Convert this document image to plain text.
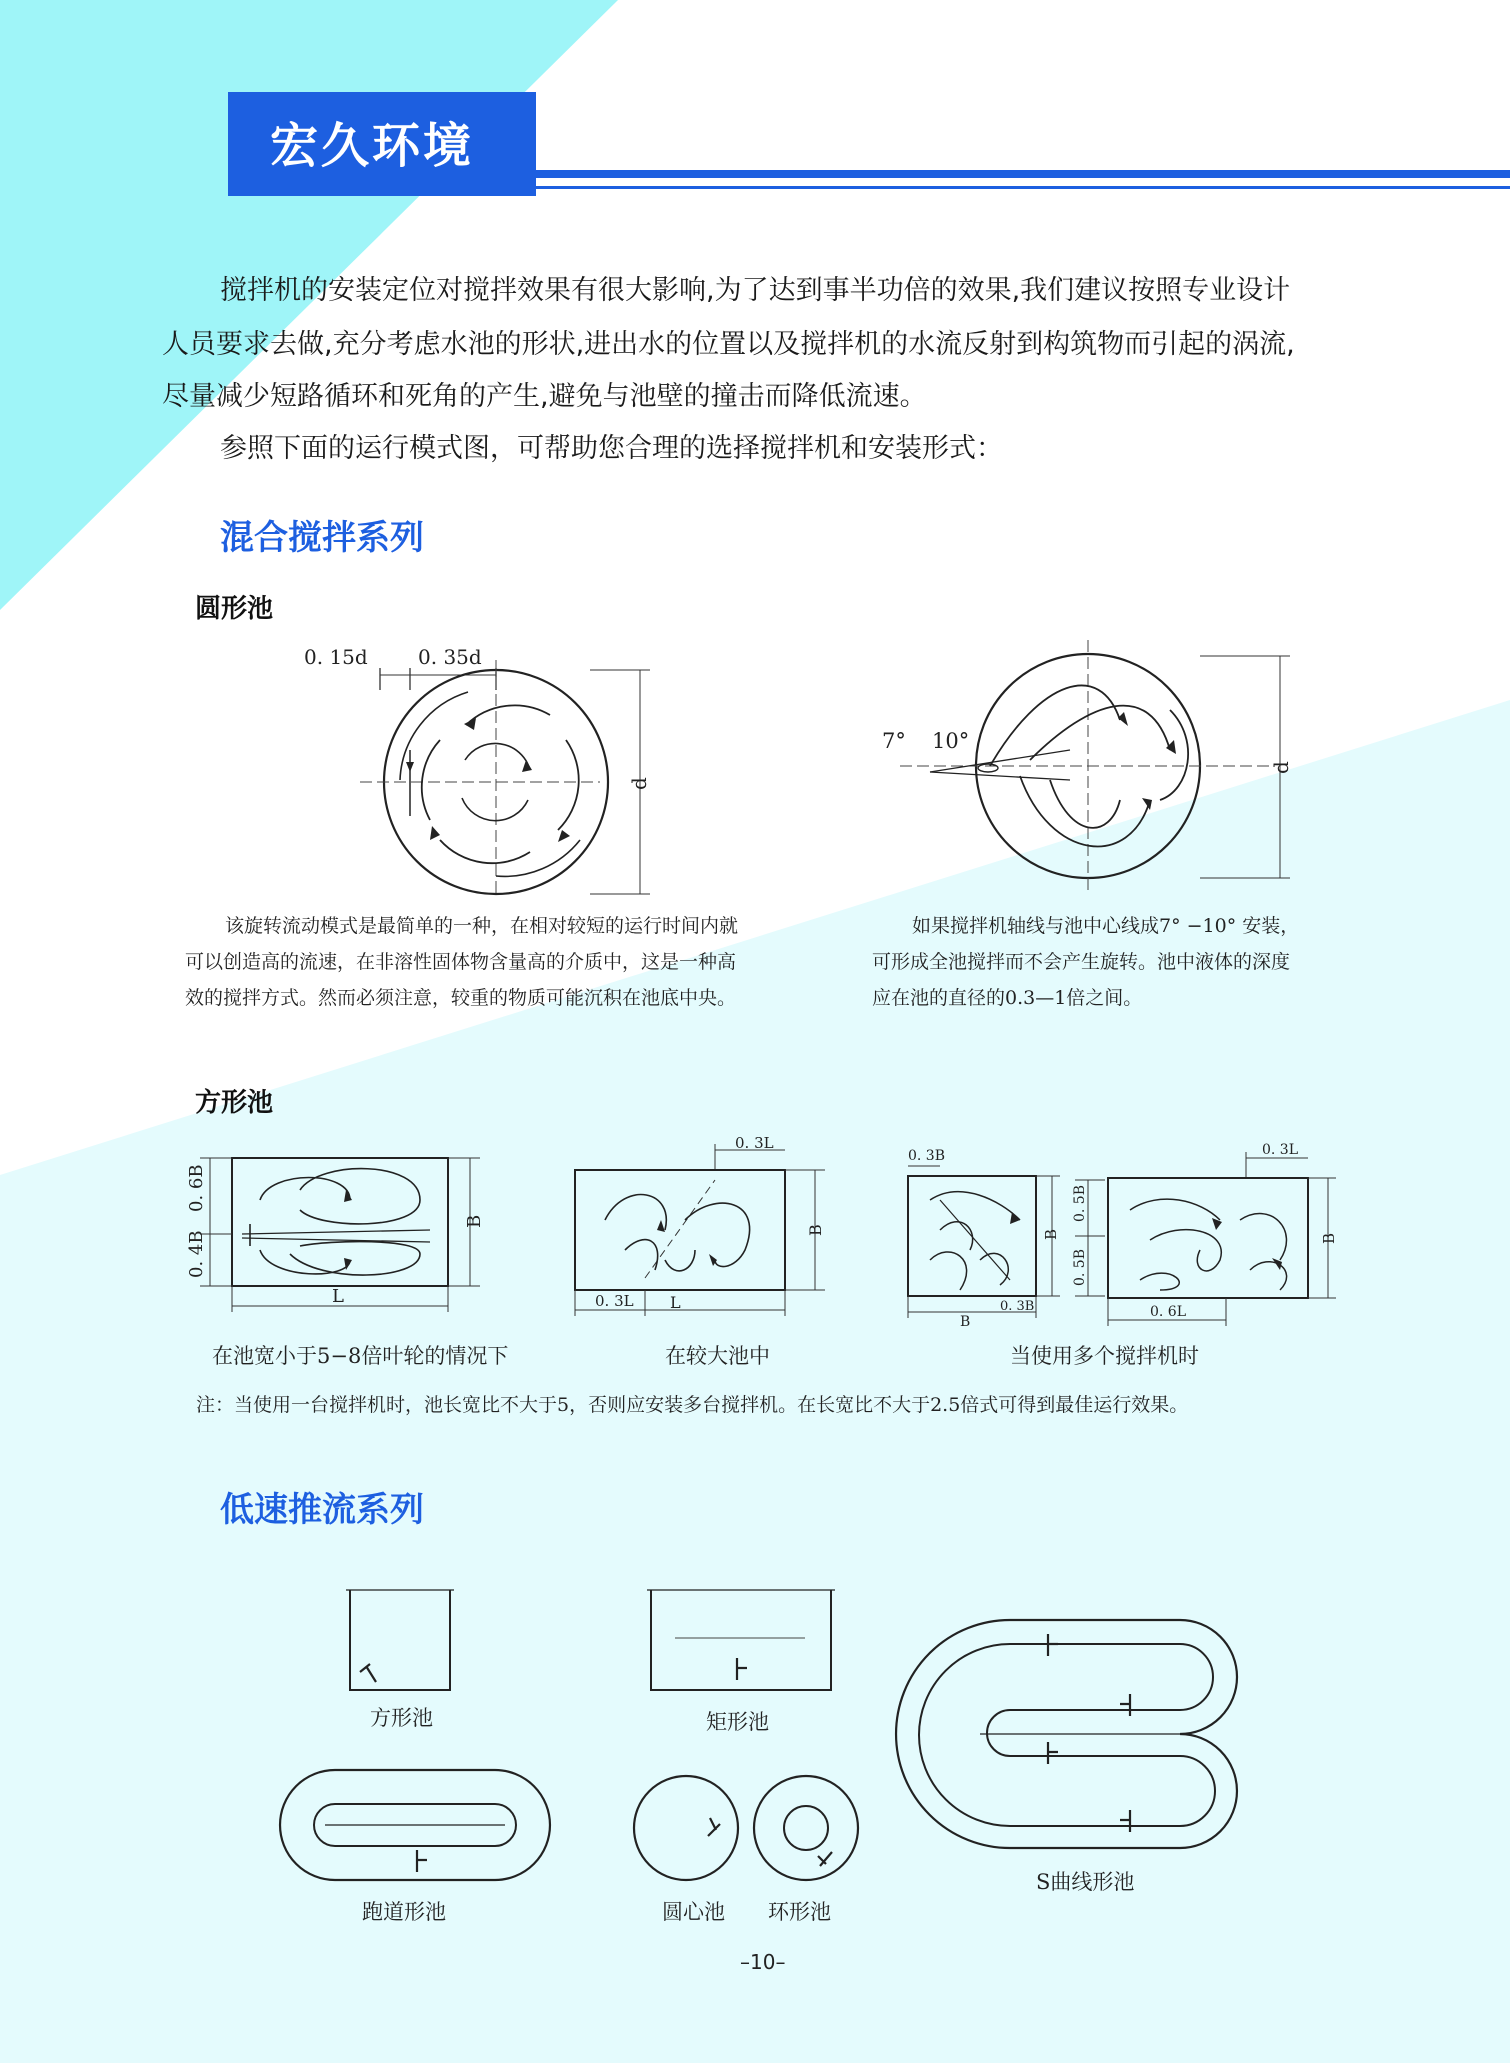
宏久环境
搅拌机的安装定位对搅拌效果有很大影响,为了达到事半功倍的效果,我们建议按照专业设计
人员要求去做,充分考虑水池的形状,进出水的位置以及搅拌机的水流反射到构筑物而引起的涡流,
尽量减少短路循环和死角的产生,避免与池壁的撞击而降低流速。
参照下面的运行模式图，可帮助您合理的选择搅拌机和安装形式：
混合搅拌系列
圆形池
0. 15d	0. 35d
d
7° 10°
d
该旋转流动模式是最简单的一种，在相对较短的运行时间内就
可以创造高的流速，在非溶性固体物含量高的介质中，这是一种高
效的搅拌方式。然而必须注意，较重的物质可能沉积在池底中央。
如果搅拌机轴线与池中心线成7° −10° 安装，
可形成全池搅拌而不会产生旋转。池中液体的深度
应在池的直径的0.3—1倍之间。
方形池
0. 6B
0. 4B
B
L
0. 3L
B
0. 3L L
0. 3B
B
B
0. 3B
0. 5B
0. 5B
0. 3L
B
0. 6L
在池宽小于5−8倍叶轮的情况下	在较大池中	当使用多个搅拌机时
注：当使用一台搅拌机时，池长宽比不大于5，否则应安装多台搅拌机。在长宽比不大于2.5倍式可得到最佳运行效果。
低速推流系列
方形池	矩形池
跑道形池	圆心池 环形池
S曲线形池
–10–
